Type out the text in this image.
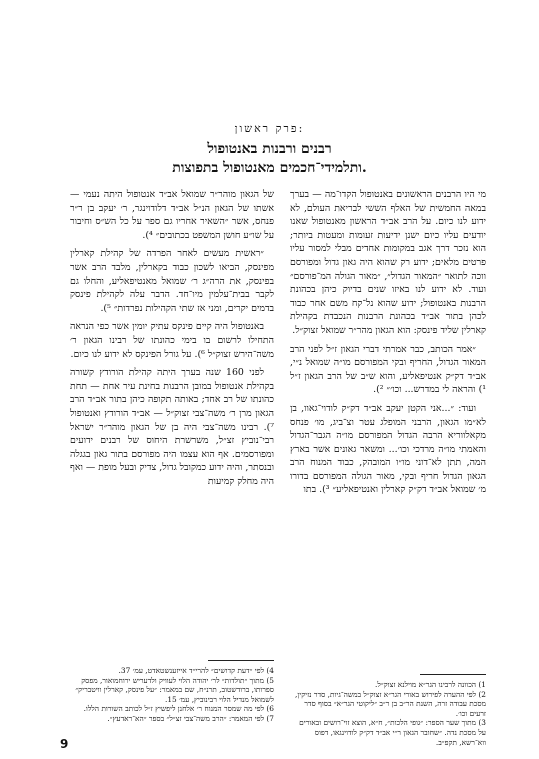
פרק ראשון:
רבנים ורבנות באנטופול
ותלמידי־חכמים מאנטופול בתפוצות.

מי היו הרבנים הראשונים באנטופול הקדו־מה — בערך במאה החמשית של האלף הששי לבריאת העולם, לא ידוע לנו כיום. על הרב אב״ד הראשון מאנטופול שאנו יודעים עליו כיום ישנן ידיעות זעומות ומעטות ביותר; הוא נזכר דרך אגב במקומות אחדים מבלי למסור עליו פרטים מלאים; ידוע רק שהוא היה גאון גדול ומפורסם ווכה לתואר ״המאור הגדול״, ״מאור הגולה המ־פורסם״ ועוד. לא ידוע לנו באיזו שנים בדיוק כיהן בכהונת הרבנות באנטופול; ידוע שהוא נל־קח משם אחר כבוד לכהן בתור אב״ד בכהונת הרבנות הנכבדת בקהילת קארלין שליד פינסק: הוא הגאון מהר״ר שמואל זצוק״ל.

״אמר הכותב, כבר אמרתי דברי הגאון ז״ל לפני הרב המאור הגדול, החריף ובקי המפורסם מו״ה שמואל נ״י, אב״ד דק״ק אנטיפאליע, והוא ש״ב של הרב הגאון ז״ל ¹) והראה לי במדרש... וכו׳״ ²).

ועוד: ״...אני הקטן יעקב אב״ד דק״ק לודוי־גאוו, בן לא״מו הגאון, הרבני המופלג עטר וצ־ביג, מו׳ פנחס מקאלווריא הרבה הגדול המפורסם מו״ה הגבר־הגדול והאמתי מו״ה מרדכי וכו׳... ומשאר גאונים אשר בארץ המה, תתן לא־דוני מו״ו המובהק, כבוד המנוח הרב הגאון הגדול חריף ובקי, מאור הגולה המפורסם בדורו מ׳ שמואל אב״ד דק״ק קארלין ואנטיפאליע״ ³). בתו

של הגאון מוהר״ר שמואל אב״ד אנטופול היתה נעמי — אשתו של הגאון הנ״ל אב״ד דלודוינגר, ר׳ יעקב בן ר״ר פנחס, אשר ״השאיר אחריו גם ספר על כל הש״ס וחיבור על שו״ע חושן המשפט בכתובים״ ⁴).

״ראשית מעשים לאחר הפרדה של קהילת קארלין מפינסק, הביאו לשכון כבוד בקארלין, מלבד הרב אשר בפינסק, את הרה״ג ר׳ שמואל מאנטיפאליע, והחלו גם לקבר בבית־עלמין מיו־חד. הדבר עלה לקהילת פינסק בדמים יקרים, ומני אז שתי הקהילות נפרדות״ ⁵).

באנטופול היה קיים פינקס עתיק יומין אשר כפי הנראה התחילו לרשום בו בימי כהונתו של רבינו הגאון ר׳ משה־הירש זצוק״ל ⁶). על גורל הפינקס לא ידוע לנו כיום.

לפני 160 שנה בערך היתה קהילת הורודץ קשורה בקהילת אנטופול במובן הרבנות בחינת עיר אחת — תחת כהונתו של רב אחד; באותה תקופה כיהן בתור אב״ד הרב הגאון מרן ר׳ משה־צבי זצוק״ל — אב״ד הורודץ ואנטופול ⁷). רבינו משה־צבי היה בן של הגאון מוהר״ר ישראל רבי־נוביץ זצ״ל, משרשרת היחוס של רבנים ידועים ומפורסמים. אף הוא עצמו היה מפורסם בתור גאון בגגלה ובנסתר, והיה ידוע כמקובל גדול, צדיק ובעל מופת — ואף היה מחלק קמיעות

1) הכוונה לרבינו הגר״א מוילנא זצוק״ל.
2) לפי ההערה לפירוש באורי הגר״א זצוק״ל במשה־גיות, סדר נזיקין, מסכת עבודה זרה, השנת הר״ב בן ר״ב ״ליקוטי הגר״א״ בסוף סדר זרעים וכו׳.
3) מתוך שער הספר: ״גופי הלכות״, ח״א, הוצא זוי־רושים ובאורים על מסכת נדה. ״שחובר הגאון ר״י אב״ד דק״ק לודוינגאו, דפוס ווא־רשא, תקפ״ב.
4) לפי ״דעת קדושים״ להרי״ד אייזענשטאדט, עמ׳ 37.
5) מתוך ״תולדות״ לר׳ יהודה הלוי לעוויק ולדעריש ירוחמואור, מפסק ספרותו, ברודשטוב, תרנ״ח, שם במאמר: ״על פינסק, קארלין וויטבריק״ לשמואל מנדיל הלוי רבינוביץ, עמ׳ 15.
6) לפי מה שמסר המנוח ר׳ אלחנן ליפשיץ ז״ל לכותב השורות הללו.
7) לפי המאמר: ״הרב משה־צבי זצ״ל״ בספר ״הא־ראדעץ״.
9
